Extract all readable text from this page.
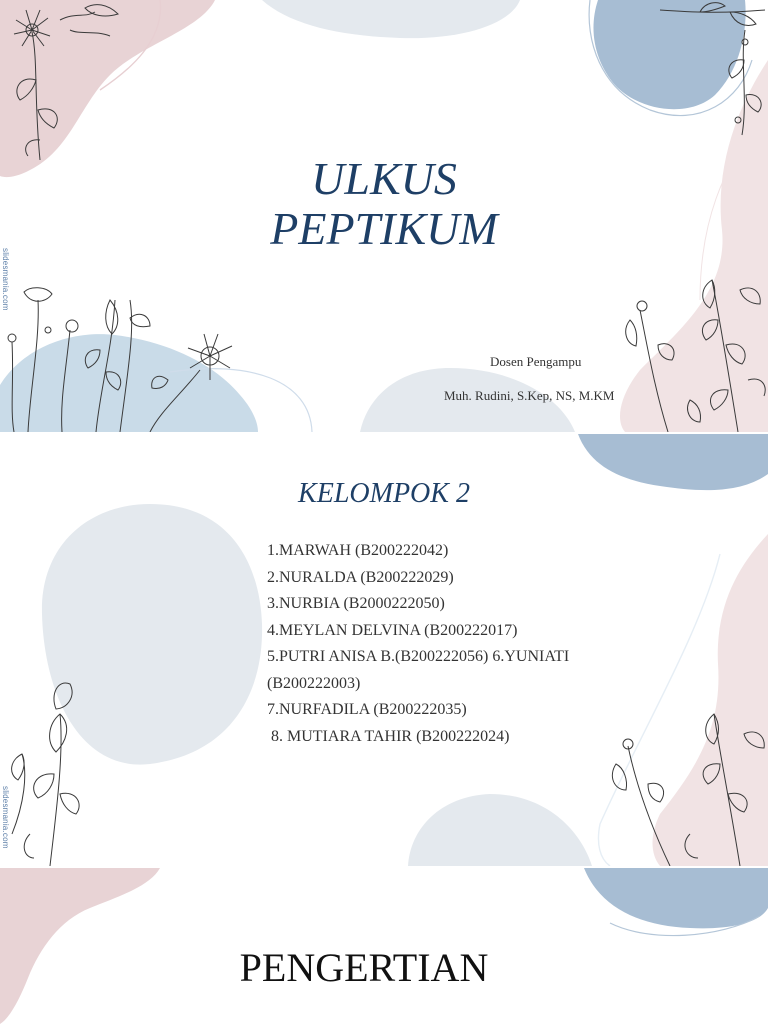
slidesmania.com
ULKUS
PEPTIKUM
Dosen Pengampu
Muh. Rudini, S.Kep, NS, M.KM
slidesmania.com
KELOMPOK 2
1.MARWAH (B200222042)
2.NURALDA (B200222029)
3.NURBIA (B2000222050)
4.MEYLAN DELVINA (B200222017)
5.PUTRI ANISA B.(B200222056) 6.YUNIATI (B200222003)
7.NURFADILA (B200222035)
8. MUTIARA TAHIR (B200222024)
PENGERTIAN
